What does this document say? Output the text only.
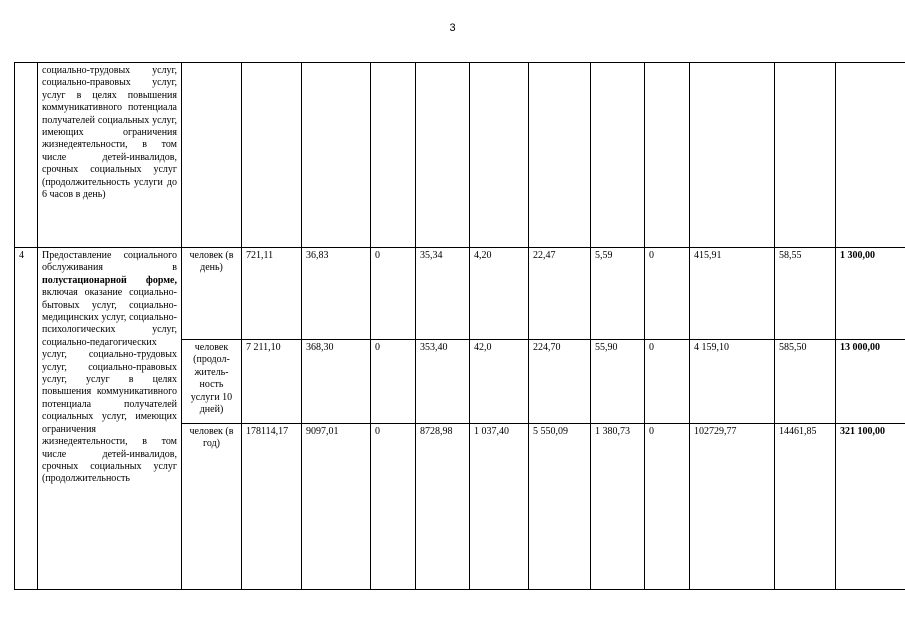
3
	социально-трудовых услуг, социально-правовых услуг, услуг в целях повышения коммуникативного потенциала получателей социальных услуг, имеющих ограничения жизнедеятельности, в том числе детей-инвалидов, срочных социальных услуг (продолжительность услуги до 6 часов в день)												
4	Предоставление социального обслуживания в полустационарной форме, включая оказание социально-бытовых услуг, социально-медицинских услуг, социально-психологических услуг, социально-педагогических услуг, социально-трудовых услуг, социально-правовых услуг, услуг в целях повышения коммуникативного потенциала получателей социальных услуг, имеющих ограничения жизнедеятельности, в том числе детей-инвалидов, срочных социальных услуг (продолжительность	человек (в день)	721,11	36,83	0	35,34	4,20	22,47	5,59	0	415,91	58,55	1 300,00
		человек (продол-житель-ность услуги 10 дней)	7 211,10	368,30	0	353,40	42,0	224,70	55,90	0	4 159,10	585,50	13 000,00
		человек (в год)	178114,17	9097,01	0	8728,98	1 037,40	5 550,09	1 380,73	0	102729,77	14461,85	321 100,00
